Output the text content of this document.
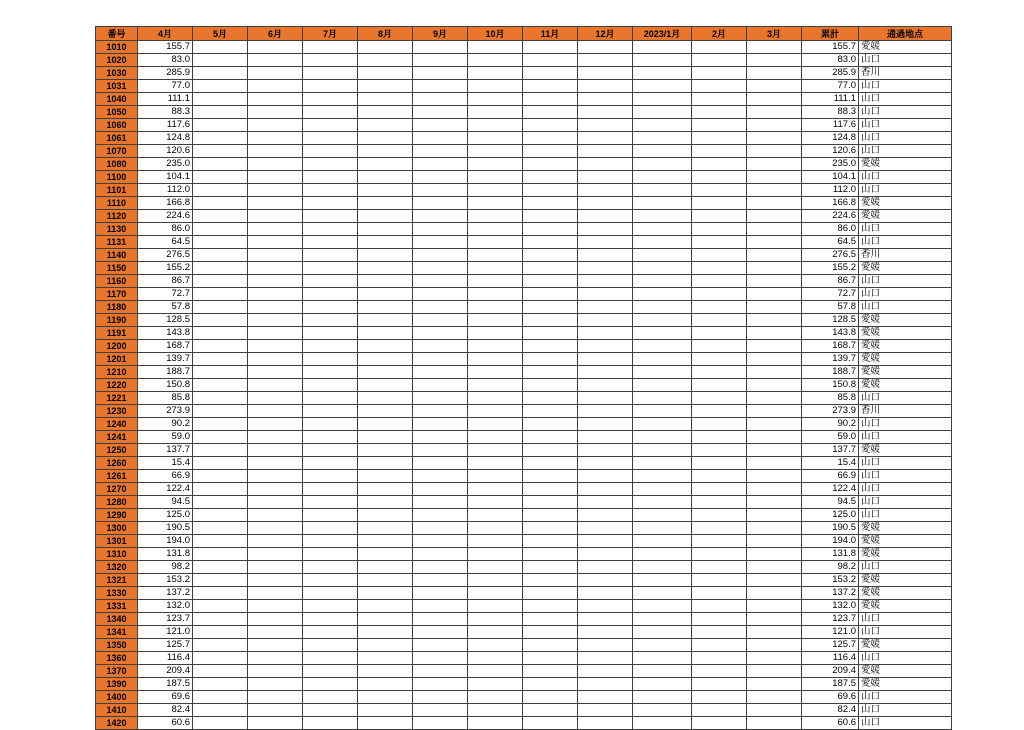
番号	4月	5月	6月	7月	8月	9月	10月	11月	12月	2023/1月	2月	3月	累計	通過地点
1010	155.7												155.7	愛媛
1020	83.0												83.0	山口
1030	285.9												285.9	香川
1031	77.0												77.0	山口
1040	111.1												111.1	山口
1050	88.3												88.3	山口
1060	117.6												117.6	山口
1061	124.8												124.8	山口
1070	120.6												120.6	山口
1080	235.0												235.0	愛媛
1100	104.1												104.1	山口
1101	112.0												112.0	山口
1110	166.8												166.8	愛媛
1120	224.6												224.6	愛媛
1130	86.0												86.0	山口
1131	64.5												64.5	山口
1140	276.5												276.5	香川
1150	155.2												155.2	愛媛
1160	86.7												86.7	山口
1170	72.7												72.7	山口
1180	57.8												57.8	山口
1190	128.5												128.5	愛媛
1191	143.8												143.8	愛媛
1200	168.7												168.7	愛媛
1201	139.7												139.7	愛媛
1210	188.7												188.7	愛媛
1220	150.8												150.8	愛媛
1221	85.8												85.8	山口
1230	273.9												273.9	香川
1240	90.2												90.2	山口
1241	59.0												59.0	山口
1250	137.7												137.7	愛媛
1260	15.4												15.4	山口
1261	66.9												66.9	山口
1270	122.4												122.4	山口
1280	94.5												94.5	山口
1290	125.0												125.0	山口
1300	190.5												190.5	愛媛
1301	194.0												194.0	愛媛
1310	131.8												131.8	愛媛
1320	98.2												98.2	山口
1321	153.2												153.2	愛媛
1330	137.2												137.2	愛媛
1331	132.0												132.0	愛媛
1340	123.7												123.7	山口
1341	121.0												121.0	山口
1350	125.7												125.7	愛媛
1360	116.4												116.4	山口
1370	209.4												209.4	愛媛
1390	187.5												187.5	愛媛
1400	69.6												69.6	山口
1410	82.4												82.4	山口
1420	60.6												60.6	山口
